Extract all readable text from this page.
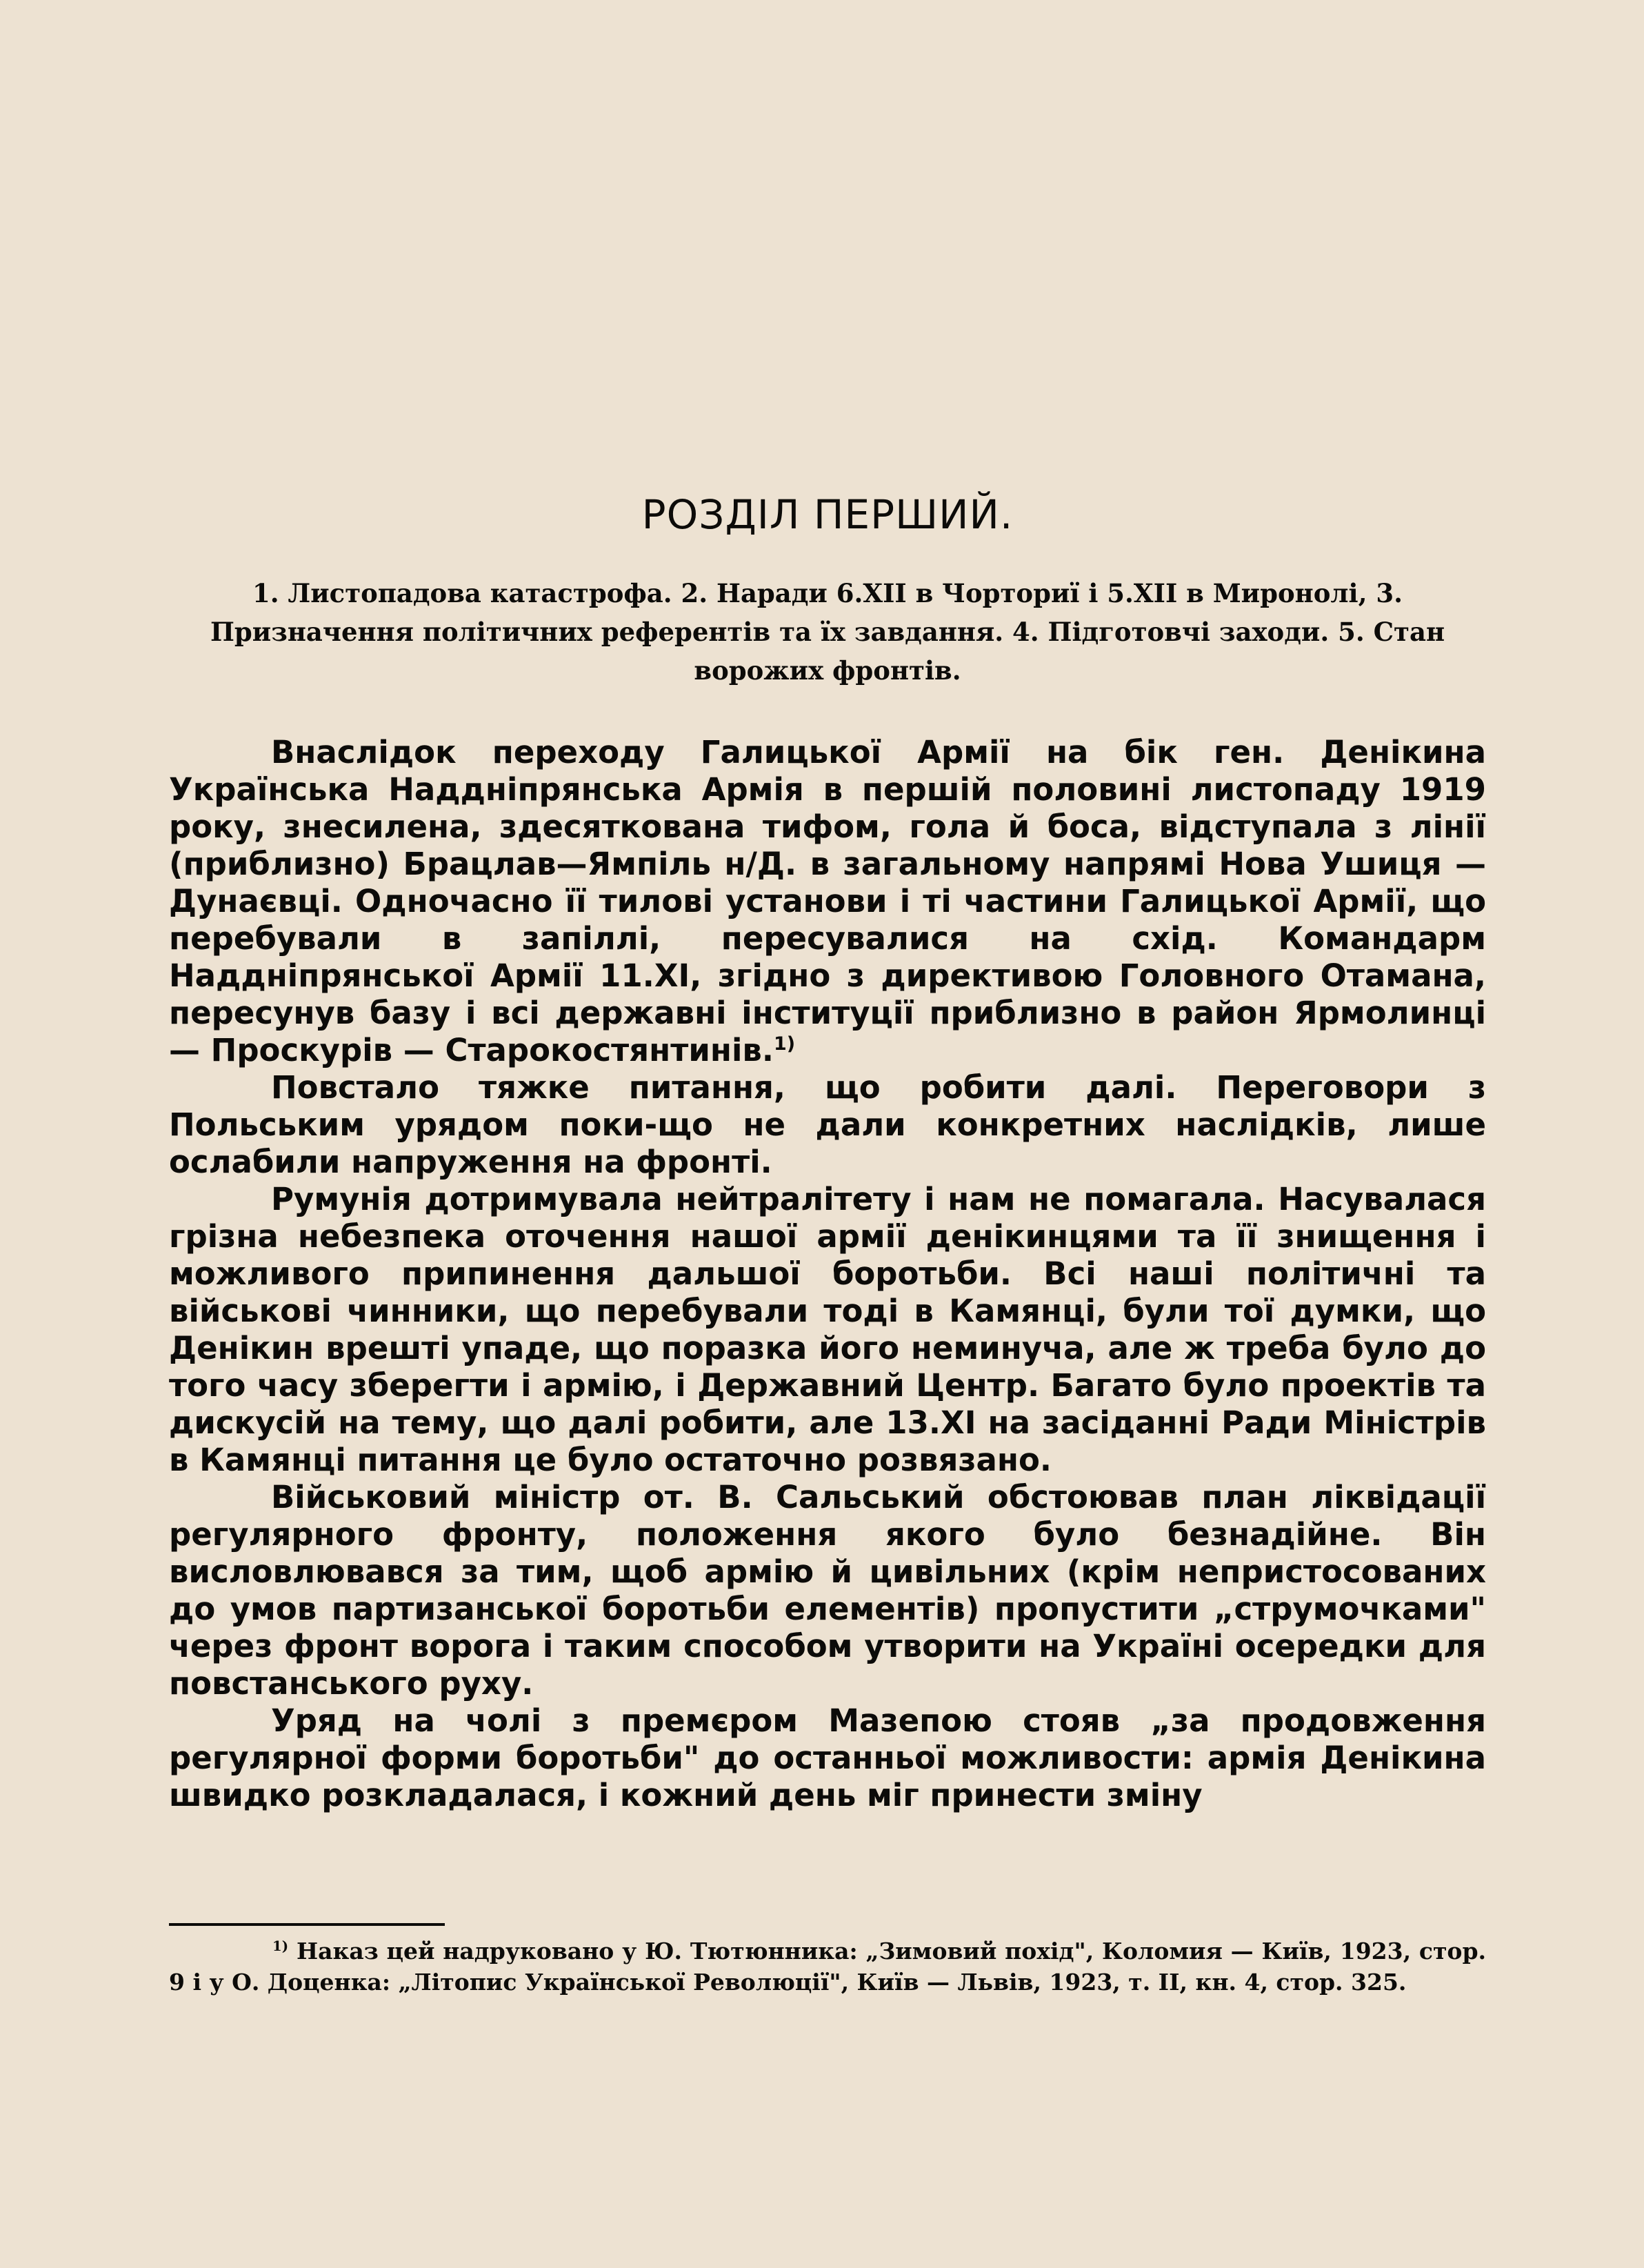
РОЗДІЛ ПЕРШИЙ.

1. Листопадова катастрофа. 2. Наради 6.ХІІ в Чорториї і 5.ХІІ в Миронолі, 3. Призначення політичних референтів та їх завдання. 4. Підготовчі заходи. 5. Стан ворожих фронтів.

Внаслідок переходу Галицької Армії на бік ген. Денікина Українська Наддніпрянська Армія в першій половині листопаду 1919 року, знесилена, здесяткована тифом, гола й боса, відступала з лінії (приблизно) Брацлав—Ямпіль н/Д. в загальному напрямі Нова Ушиця — Дунаєвці. Одночасно її тилові установи і ті частини Галицької Армії, що перебували в запіллі, пересувалися на схід. Командарм Наддніпрянської Армії 11.XI, згідно з директивою Головного Отамана, пересунув базу і всі державні інституції приблизно в район Ярмолинці — Проскурів — Старокостянтинів.$^{1)}$

Повстало тяжке питання, що робити далі. Переговори з Польським урядом поки-що не дали конкретних наслідків, лише ослабили напруження на фронті.

Румунія дотримувала нейтралітету і нам не помагала. Насувалася грізна небезпека оточення нашої армії денікинцями та її знищення і можливого припинення дальшої боротьби. Всі наші політичні та військові чинники, що перебували тоді в Камянці, були тої думки, що Денікин врешті упаде, що поразка його неминуча, але ж треба було до того часу зберегти і армію, і Державний Центр. Багато було проектів та дискусій на тему, що далі робити, але 13.XI на засіданні Ради Міністрів в Камянці питання це було остаточно розвязано.

Військовий міністр от. В. Сальський обстоював план ліквідації регулярного фронту, положення якого було безнадійне. Він висловлювався за тим, щоб армію й цивільних (крім непристосованих до умов партизанської боротьби елементів) пропустити „струмочками" через фронт ворога і таким способом утворити на Україні осередки для повстанського руху.

Уряд на чолі з премєром Мазепою стояв „за продовження регулярної форми боротьби" до останньої можливости: армія Денікина швидко розкладалася, і кожний день міг принести зміну

$^{1)}$ Наказ цей надруковано у Ю. Тютюнника: „Зимовий похід", Коломия — Київ, 1923, стор. 9 і у О. Доценка: „Літопис Української Революції", Київ — Львів, 1923, т. II, кн. 4, стор. 325.
